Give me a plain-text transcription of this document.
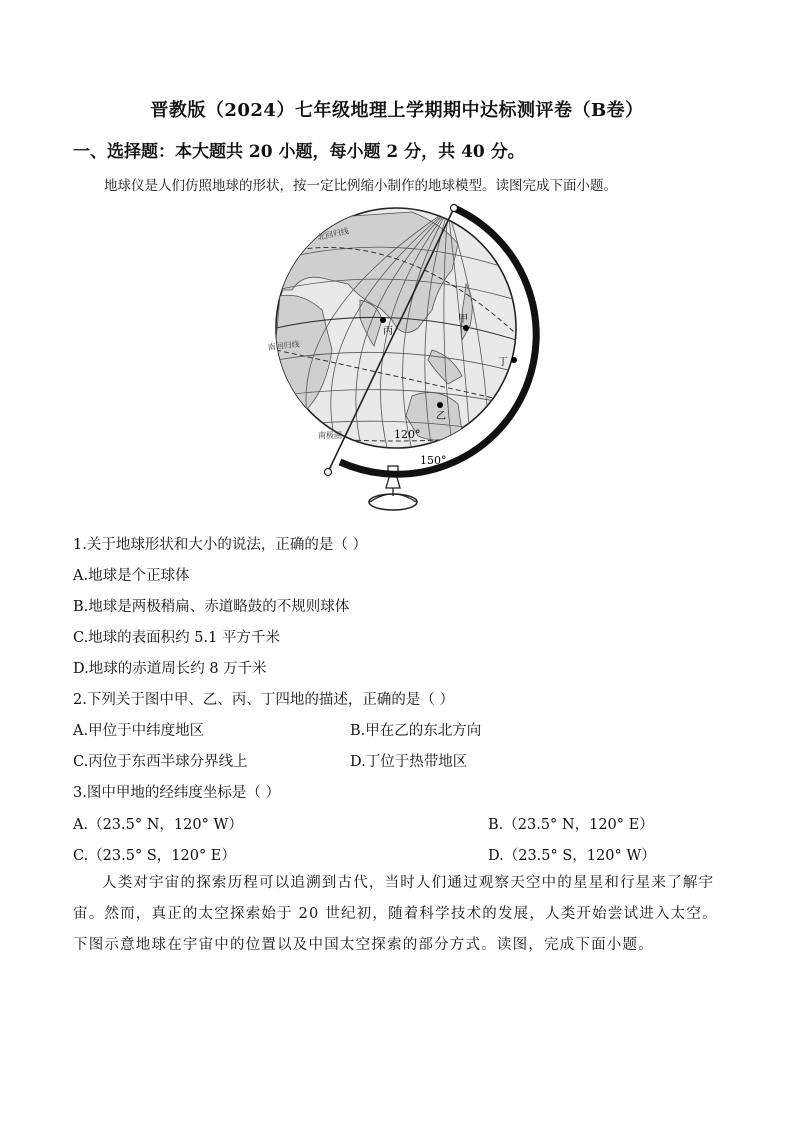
晋教版（2024）七年级地理上学期期中达标测评卷（B卷）
一、选择题：本大题共 20 小题，每小题 2 分，共 40 分。
地球仪是人们仿照地球的形状，按一定比例缩小制作的地球模型。读图完成下面小题。
北回归线
南回归线
南极圈
丙
甲
丁
乙
120°
150°
1.关于地球形状和大小的说法，正确的是（ ）
A.地球是个正球体
B.地球是两极稍扁、赤道略鼓的不规则球体
C.地球的表面积约 5.1 平方千米
D.地球的赤道周长约 8 万千米
2.下列关于图中甲、乙、丙、丁四地的描述，正确的是（ ）
A.甲位于中纬度地区	B.甲在乙的东北方向
C.丙位于东西半球分界线上	D.丁位于热带地区
3.图中甲地的经纬度坐标是（ ）
A.（23.5° N，120° W）	B.（23.5° N，120° E）
C.（23.5° S，120° E）	D.（23.5° S，120° W）
人类对宇宙的探索历程可以追溯到古代，当时人们通过观察天空中的星星和行星来了解宇宙。然而，真正的太空探索始于 20 世纪初，随着科学技术的发展，人类开始尝试进入太空。下图示意地球在宇宙中的位置以及中国太空探索的部分方式。读图，完成下面小题。
